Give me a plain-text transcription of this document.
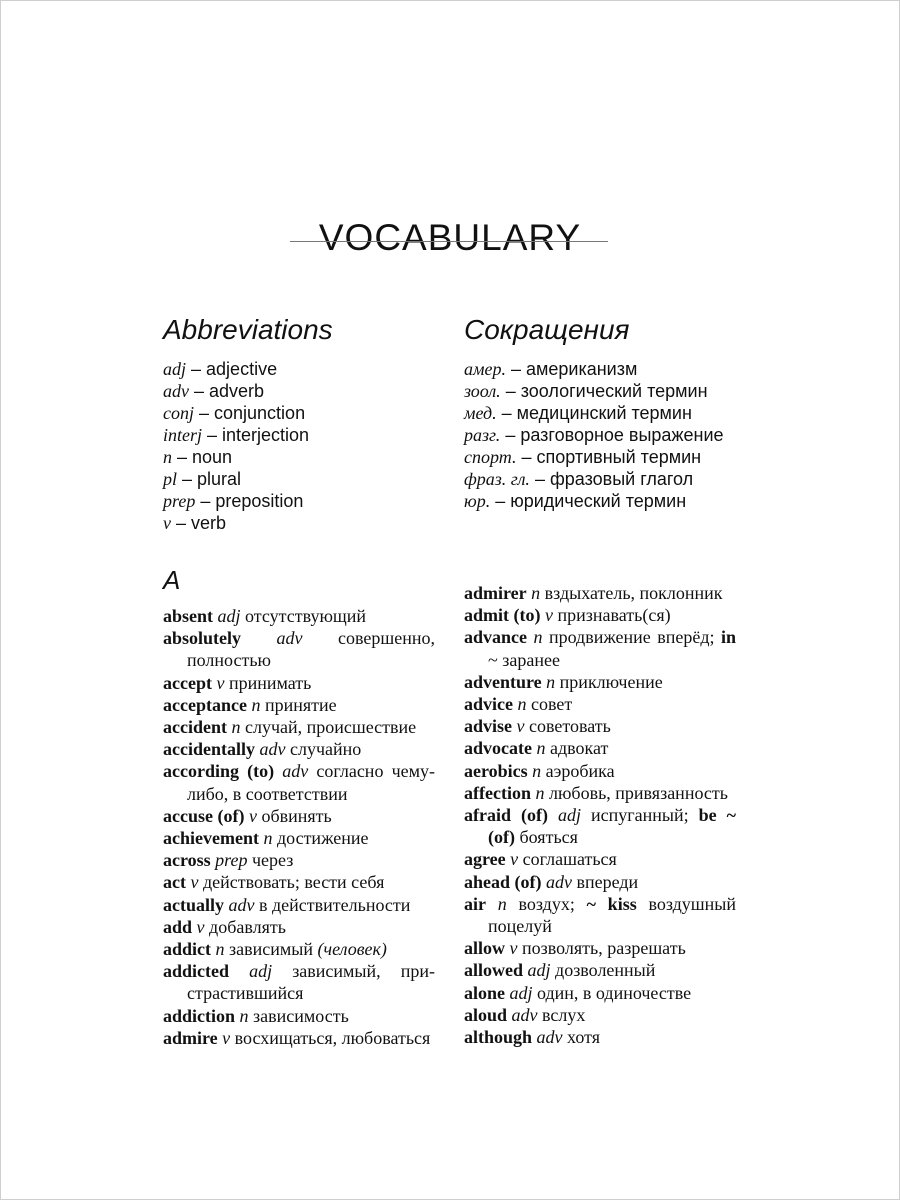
VOCABULARY
Abbreviations	Сокращения
adj – adjective
adv – adverb
conj – conjunction
interj – interjection
n – noun
pl – plural
prep – preposition
v – verb
амер. – американизм
зоол. – зоологический термин
мед. – медицинский термин
разг. – разговорное выражение
спорт. – спортивный термин
фраз. гл. – фразовый глагол
юр. – юридический термин
A
absent adj отсутствующий
absolutely adv совершенно, полностью
accept v принимать
acceptance n принятие
accident n случай, происшествие
accidentally adv случайно
according (to) adv согласно чему-либо, в соответствии
accuse (of) v обвинять
achievement n достижение
across prep через
act v действовать; вести себя
actually adv в действительности
add v добавлять
addict n зависимый (человек)
addicted adj зависимый, пристрастившийся
addiction n зависимость
admire v восхищаться, любоваться
admirer n вздыхатель, поклонник
admit (to) v признавать(ся)
advance n продвижение вперёд; in ~ заранее
adventure n приключение
advice n совет
advise v советовать
advocate n адвокат
aerobics n аэробика
affection n любовь, привязанность
afraid (of) adj испуганный; be ~ (of) бояться
agree v соглашаться
ahead (of) adv впереди
air n воздух; ~ kiss воздушный поцелуй
allow v позволять, разрешать
allowed adj дозволенный
alone adj один, в одиночестве
aloud adv вслух
although adv хотя
